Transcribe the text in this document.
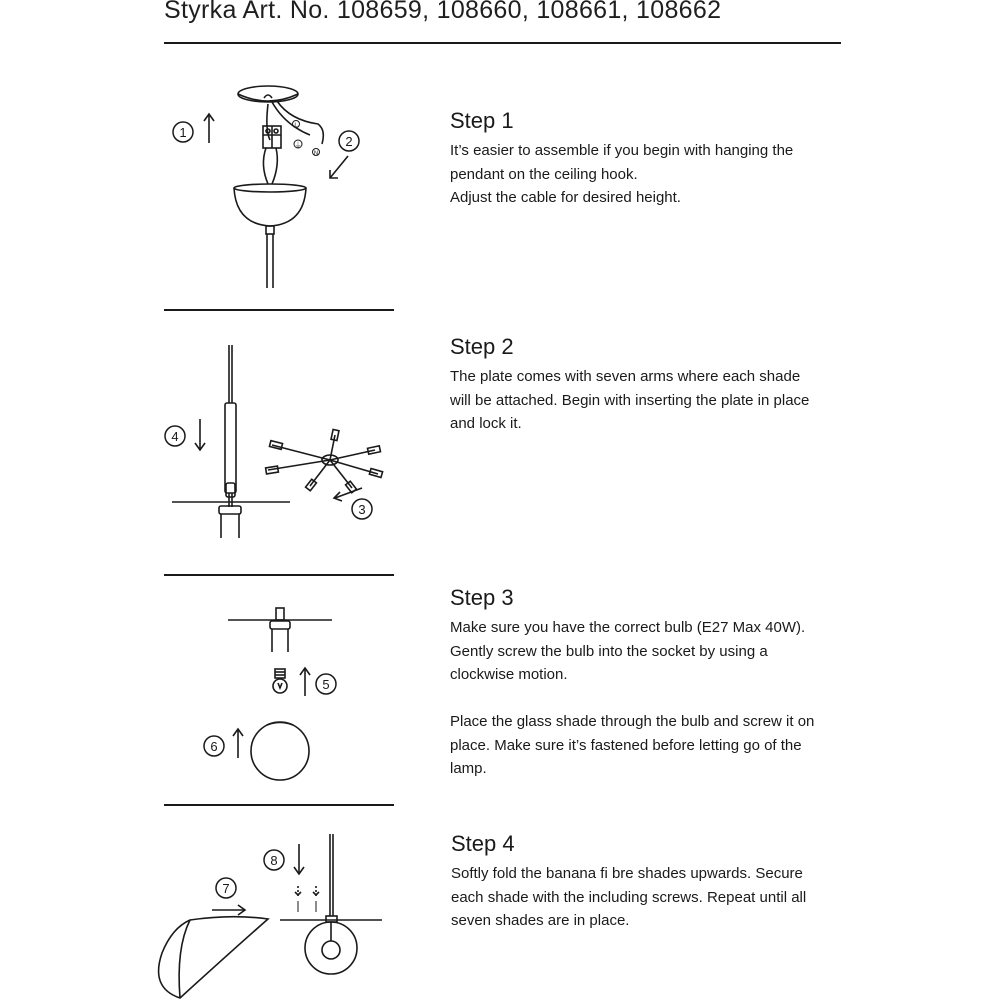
Styrka Art. No. 108659, 108660, 108661, 108662
1	L
⏚
N
2
Step 1
It’s easier to assemble if you begin with hanging the
pendant on the ceiling hook.
Adjust the cable for desired height.
4
3
Step 2
The plate comes with seven arms where each shade
will be attached. Begin with inserting the plate in place
and lock it.
5
6
Step 3
Make sure you have the correct bulb (E27 Max 40W).
Gently screw the bulb into the socket by using a
clockwise motion.
Place the glass shade through the bulb and screw it on
place. Make sure it’s fastened before letting go of the
lamp.
8
7
Step 4
Softly fold the banana fi bre shades upwards. Secure
each shade with the including screws. Repeat until all
seven shades are in place.
